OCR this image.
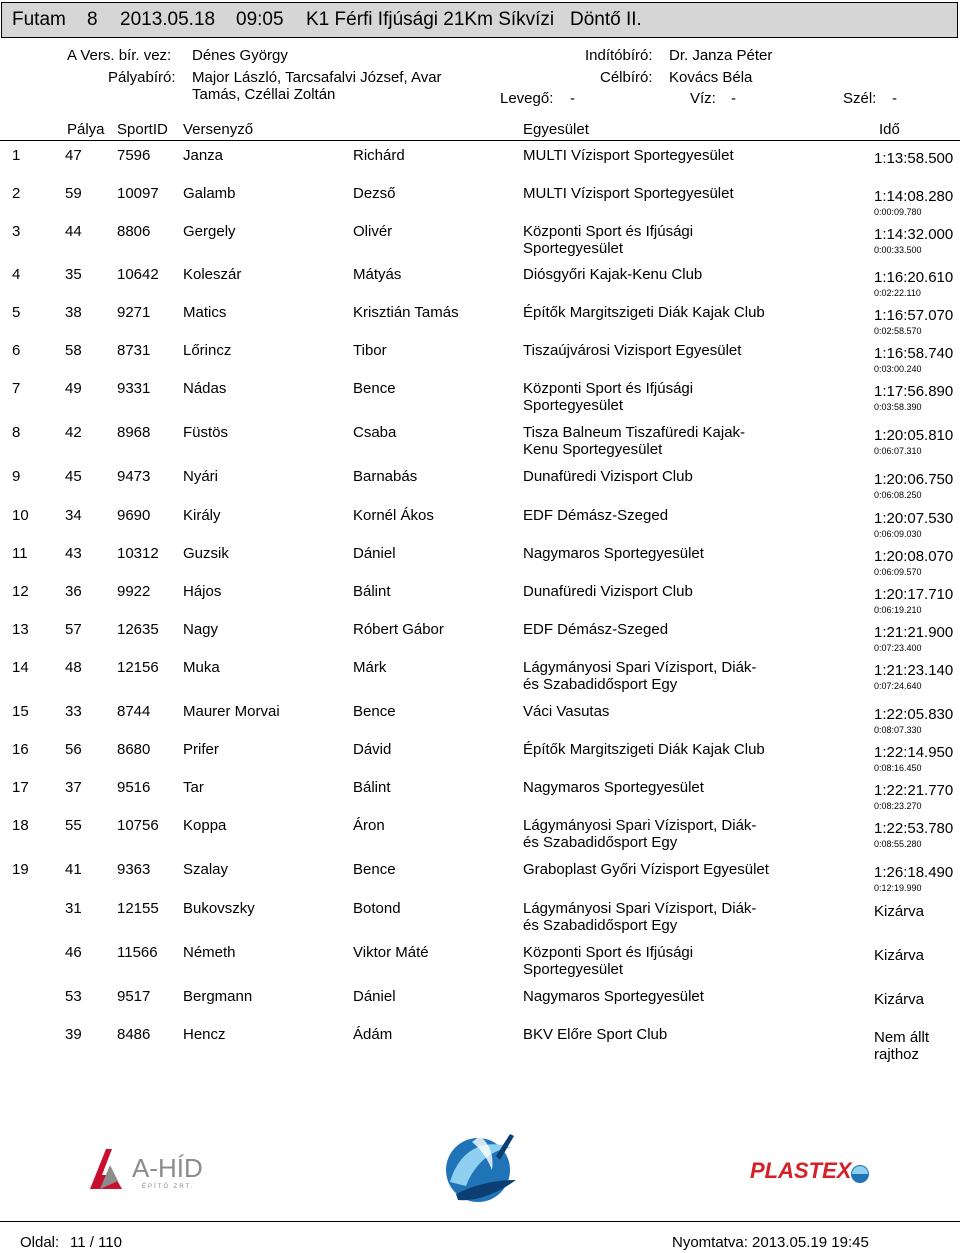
Futam 8 2013.05.18 09:05 K1 Férfi Ifjúsági 21Km Síkvízi Döntő II.
A Vers. bír. vez: Dénes György	Indítóbíró: Dr. Janza Péter
Pályabíró: Major László, Tarcsafalvi József, Avar	Célbíró: Kovács Béla
Tamás, Czéllai Zoltán	Levegő: -	Víz: -	Szél: -
Pálya SportID Versenyző	Egyesület	Idő
1	47 7596 Janza	Richárd	MULTI Vízisport Sportegyesület	1:13:58.500
2	59 10097 Galamb	Dezső	MULTI Vízisport Sportegyesület	1:14:08.280
0:00:09.780
3	44 8806 Gergely	Olivér	Központi Sport és Ifjúsági
Sportegyesület
1:14:32.000
0:00:33.500
4	35 10642 Koleszár	Mátyás	Diósgyőri Kajak-Kenu Club	1:16:20.610
0:02:22.110
5	38 9271 Matics	Krisztián Tamás	Építők Margitszigeti Diák Kajak Club	1:16:57.070
0:02:58.570
6	58 8731 Lőrincz	Tibor	Tiszaújvárosi Vizisport Egyesület	1:16:58.740
0:03:00.240
7	49 9331 Nádas	Bence	Központi Sport és Ifjúsági
Sportegyesület
1:17:56.890
0:03:58.390
8	42 8968 Füstös	Csaba	Tisza Balneum Tiszafüredi Kajak-
Kenu Sportegyesület
1:20:05.810
0:06:07.310
9	45 9473 Nyári	Barnabás	Dunafüredi Vizisport Club	1:20:06.750
0:06:08.250
10 34 9690 Király	Kornél Ákos	EDF Démász-Szeged	1:20:07.530
0:06:09.030
11 43 10312 Guzsik	Dániel	Nagymaros Sportegyesület	1:20:08.070
0:06:09.570
12 36 9922 Hájos	Bálint	Dunafüredi Vizisport Club	1:20:17.710
0:06:19.210
13 57 12635 Nagy	Róbert Gábor	EDF Démász-Szeged	1:21:21.900
0:07:23.400
14 48 12156 Muka	Márk	Lágymányosi Spari Vízisport, Diák-
és Szabadidősport Egy
1:21:23.140
0:07:24.640
15 33 8744 Maurer Morvai	Bence	Váci Vasutas	1:22:05.830
0:08:07.330
16 56 8680 Prifer	Dávid	Építők Margitszigeti Diák Kajak Club	1:22:14.950
0:08:16.450
17 37 9516 Tar	Bálint	Nagymaros Sportegyesület	1:22:21.770
0:08:23.270
18 55 10756 Koppa	Áron	Lágymányosi Spari Vízisport, Diák-
és Szabadidősport Egy
1:22:53.780
0:08:55.280
19 41 9363 Szalay	Bence	Graboplast Győri Vízisport Egyesület	1:26:18.490
0:12:19.990
31 12155 Bukovszky	Botond	Lágymányosi Spari Vízisport, Diák-
és Szabadidősport Egy
Kizárva
46 11566 Németh	Viktor Máté	Központi Sport és Ifjúsági
Sportegyesület
Kizárva
53 9517 Bergmann	Dániel	Nagymaros Sportegyesület	Kizárva
39 8486 Hencz	Ádám	BKV Előre Sport Club	Nem állt
rajthoz
A-HÍD
ÉPÍTŐ ZRT.
PLASTEX
Oldal: 11 / 110	Nyomtatva: 2013.05.19 19:45
